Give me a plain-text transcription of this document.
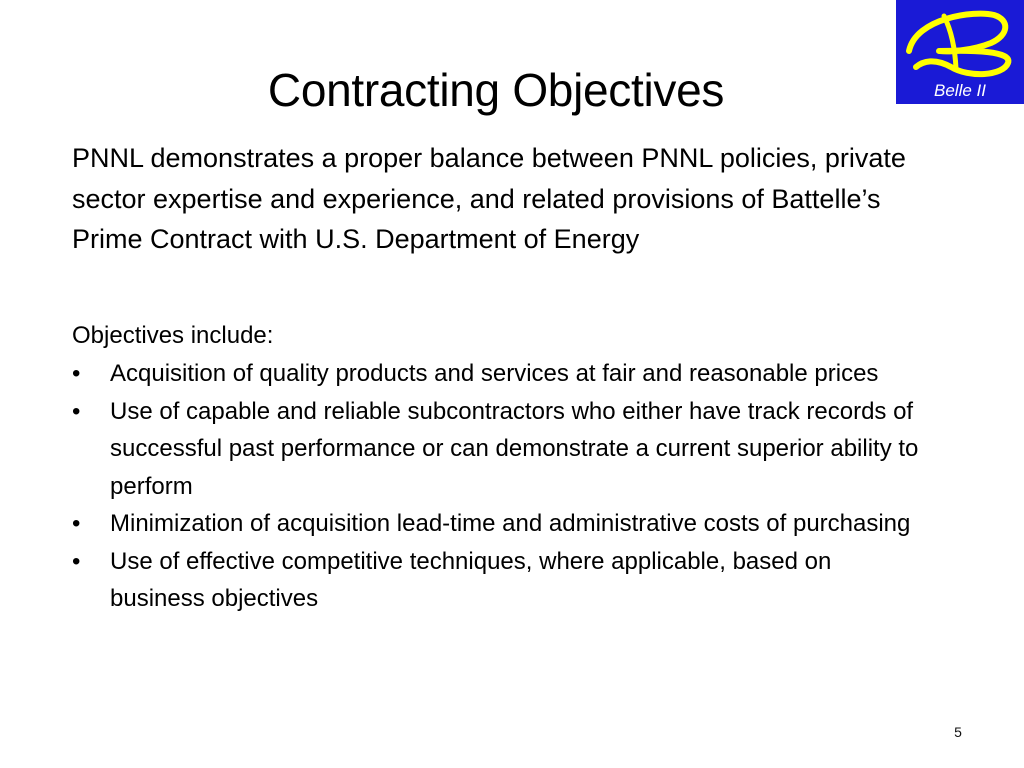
Belle II
Contracting Objectives
PNNL demonstrates a proper balance between PNNL policies, private sector expertise and experience, and related provisions of Battelle’s Prime Contract with U.S. Department of Energy
Objectives include:
•	Acquisition of quality products and services at fair and reasonable prices
•	Use of capable and reliable subcontractors who either have track records of successful past performance or can demonstrate a current superior ability to perform
•	Minimization of acquisition lead-time and administrative costs of purchasing
•	Use of effective competitive techniques, where applicable, based on business objectives
5
